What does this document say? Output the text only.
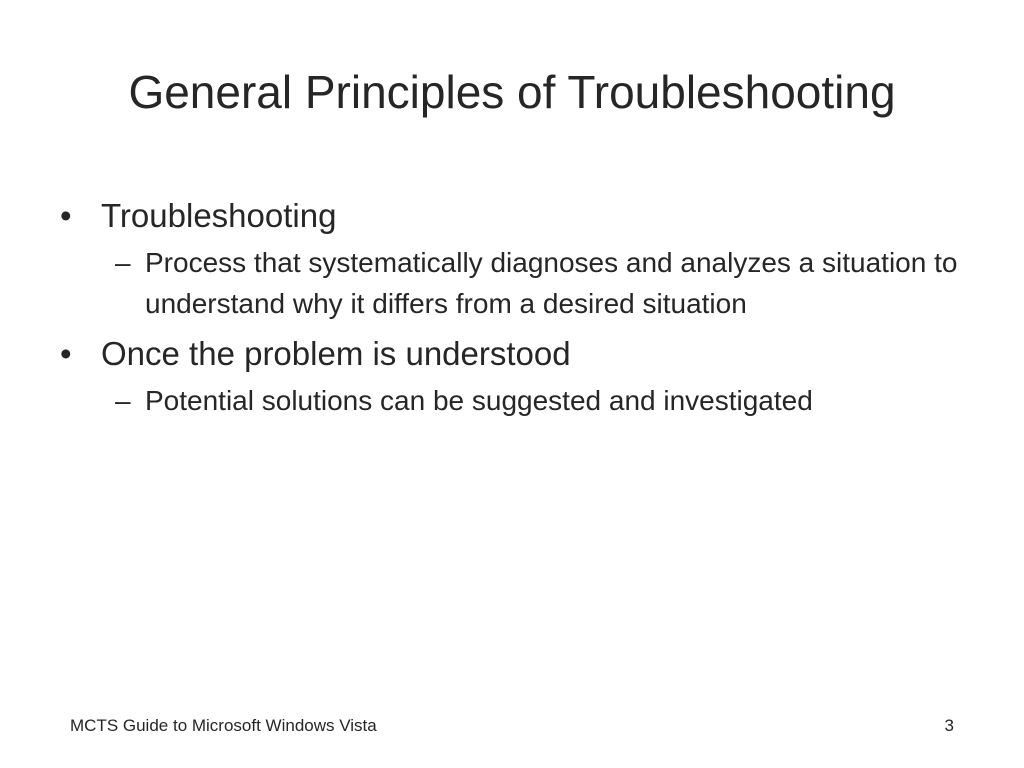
General Principles of Troubleshooting
• Troubleshooting
– Process that systematically diagnoses and analyzes a situation to understand why it differs from a desired situation
• Once the problem is understood
– Potential solutions can be suggested and investigated
MCTS Guide to Microsoft Windows Vista	3
